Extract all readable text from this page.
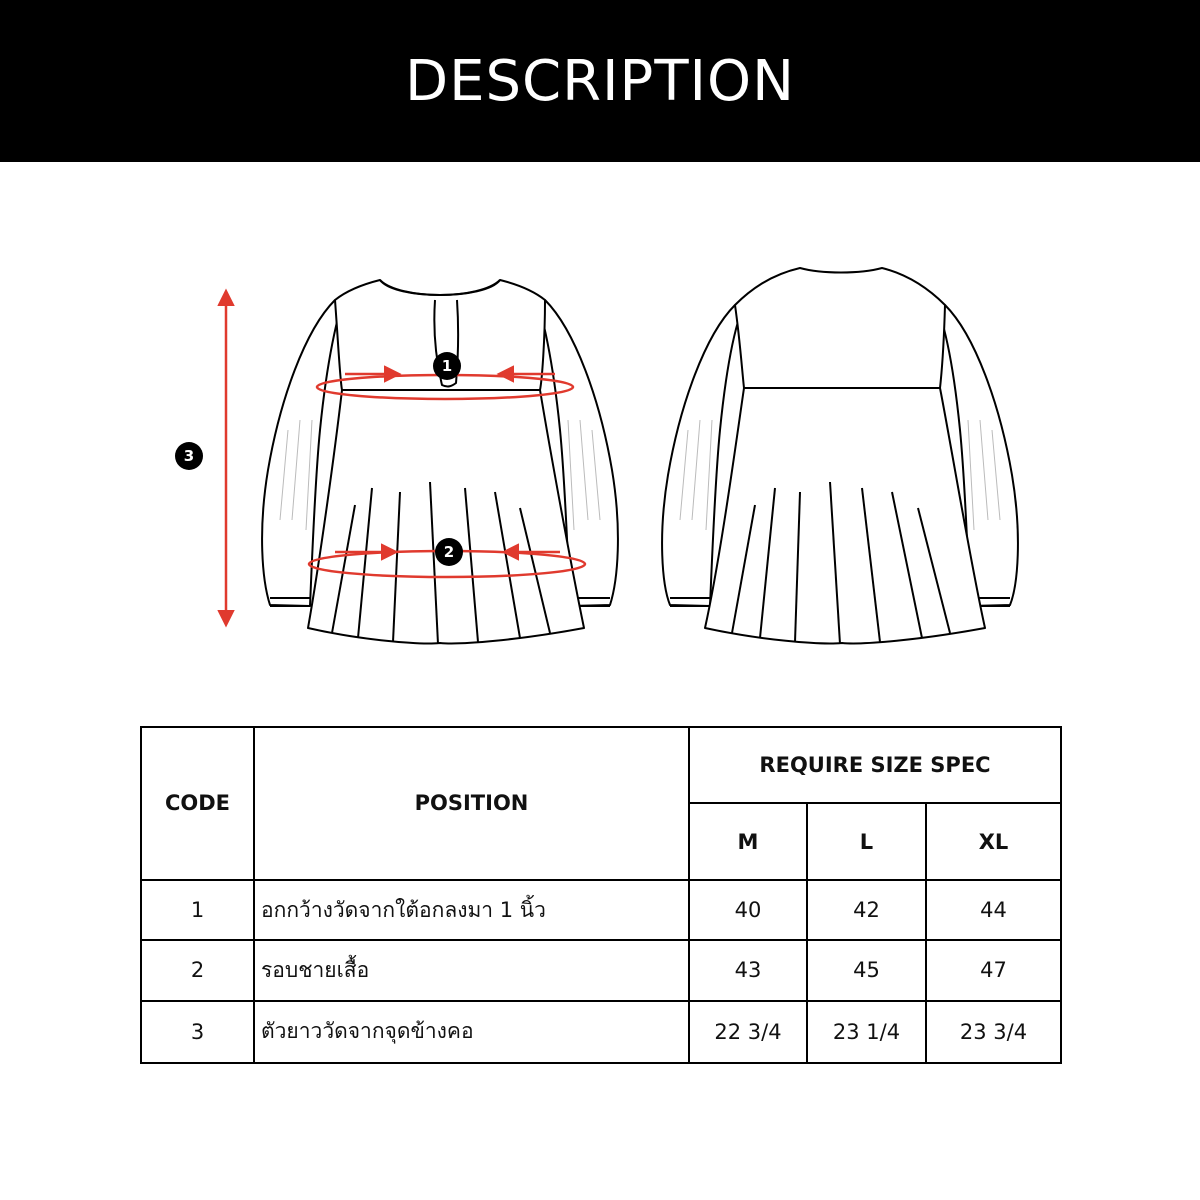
DESCRIPTION
1
2
3
CODE	POSITION	REQUIRE SIZE SPEC		
		M	L	XL
1	อกกว้างวัดจากใต้อกลงมา 1 นิ้ว	40	42	44
2	รอบชายเสื้อ	43	45	47
3	ตัวยาววัดจากจุดข้างคอ	22 3/4	23 1/4	23 3/4
